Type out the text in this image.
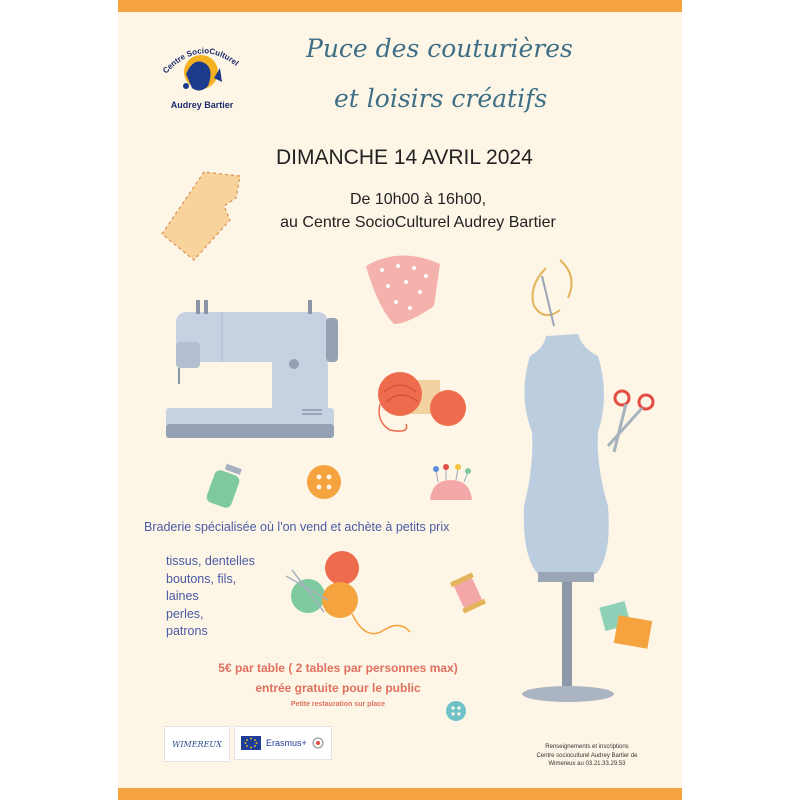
Centre SocioCulturel
Audrey Bartier
Puce des couturières
et loisirs créatifs
DIMANCHE 14 AVRIL 2024
De 10h00 à 16h00,
au Centre SocioCulturel Audrey Bartier
Braderie spécialisée où l'on vend et achète à petits prix
tissus, dentelles
boutons, fils,
laines
perles,
patrons
5€ par table ( 2 tables par personnes max)
entrée gratuite pour le public
Petite restauration sur place
WIMEREUX	Erasmus+	Renseignements et inscriptions
Centre socioculturel Audrey Bartier de
Wimereux au 03.21.33.29.53
